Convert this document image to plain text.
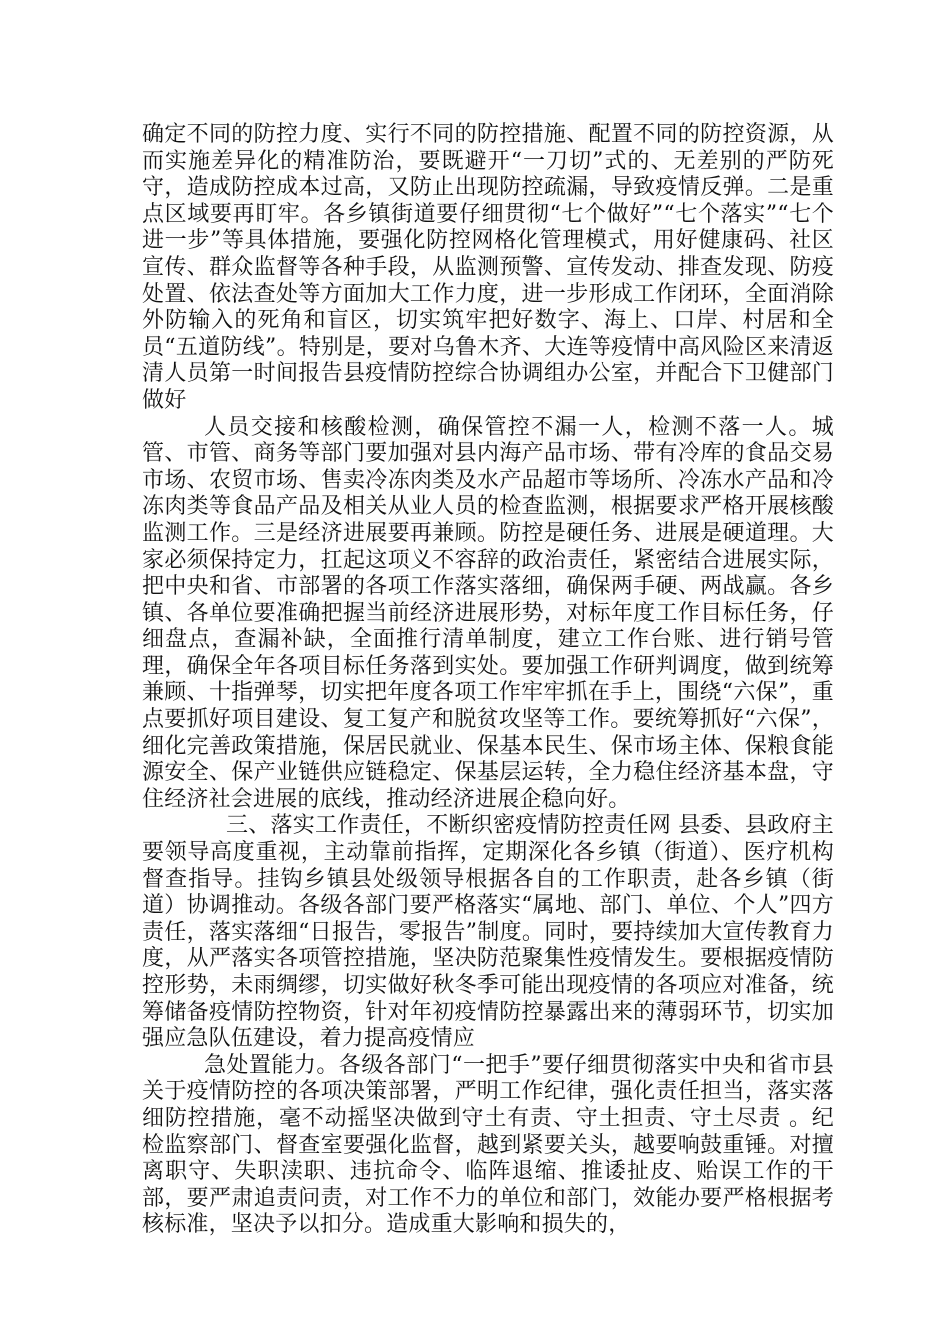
确定不同的防控力度、实行不同的防控措施、配置不同的防控资源，从而实施差异化的精准防治，要既避开“一刀切”式的、无差别的严防死守，造成防控成本过高，又防止出现防控疏漏，导致疫情反弹。二是重点区域要再盯牢。各乡镇街道要仔细贯彻“七个做好”“七个落实”“七个进一步”等具体措施，要强化防控网格化管理模式，用好健康码、社区宣传、群众监督等各种手段，从监测预警、宣传发动、排查发现、防疫处置、依法查处等方面加大工作力度，进一步形成工作闭环，全面消除外防输入的死角和盲区，切实筑牢把好数字、海上、口岸、村居和全员“五道防线”。特别是，要对乌鲁木齐、大连等疫情中高风险区来清返清人员第一时间报告县疫情防控综合协调组办公室，并配合下卫健部门做好

人员交接和核酸检测，确保管控不漏一人，检测不落一人。城管、市管、商务等部门要加强对县内海产品市场、带有冷库的食品交易市场、农贸市场、售卖冷冻肉类及水产品超市等场所、冷冻水产品和冷冻肉类等食品产品及相关从业人员的检查监测，根据要求严格开展核酸监测工作。三是经济进展要再兼顾。防控是硬任务、进展是硬道理。大家必须保持定力，扛起这项义不容辞的政治责任，紧密结合进展实际，把中央和省、市部署的各项工作落实落细，确保两手硬、两战赢。各乡镇、各单位要准确把握当前经济进展形势，对标年度工作目标任务，仔细盘点，查漏补缺，全面推行清单制度，建立工作台账、进行销号管理，确保全年各项目标任务落到实处。要加强工作研判调度，做到统筹兼顾、十指弹琴，切实把年度各项工作牢牢抓在手上，围绕“六保”，重点要抓好项目建设、复工复产和脱贫攻坚等工作。要统筹抓好“六保”，细化完善政策措施，保居民就业、保基本民生、保市场主体、保粮食能源安全、保产业链供应链稳定、保基层运转，全力稳住经济基本盘，守住经济社会进展的底线，推动经济进展企稳向好。

三、落实工作责任，不断织密疫情防控责任网 县委、县政府主要领导高度重视，主动靠前指挥，定期深化各乡镇（街道）、医疗机构督查指导。挂钩乡镇县处级领导根据各自的工作职责，赴各乡镇（街道）协调推动。各级各部门要严格落实“属地、部门、单位、个人”四方责任，落实落细“日报告，零报告”制度。同时，要持续加大宣传教育力度，从严落实各项管控措施，坚决防范聚集性疫情发生。要根据疫情防控形势，未雨绸缪，切实做好秋冬季可能出现疫情的各项应对准备，统筹储备疫情防控物资，针对年初疫情防控暴露出来的薄弱环节，切实加强应急队伍建设，着力提高疫情应

急处置能力。各级各部门“一把手”要仔细贯彻落实中央和省市县关于疫情防控的各项决策部署，严明工作纪律，强化责任担当，落实落细防控措施，毫不动摇坚决做到守土有责、守土担责、守土尽责 。纪检监察部门、督查室要强化监督，越到紧要关头，越要响鼓重锤。对擅离职守、失职渎职、违抗命令、临阵退缩、推诿扯皮、贻误工作的干部，要严肃追责问责，对工作不力的单位和部门，效能办要严格根据考核标准，坚决予以扣分。造成重大影响和损失的，
